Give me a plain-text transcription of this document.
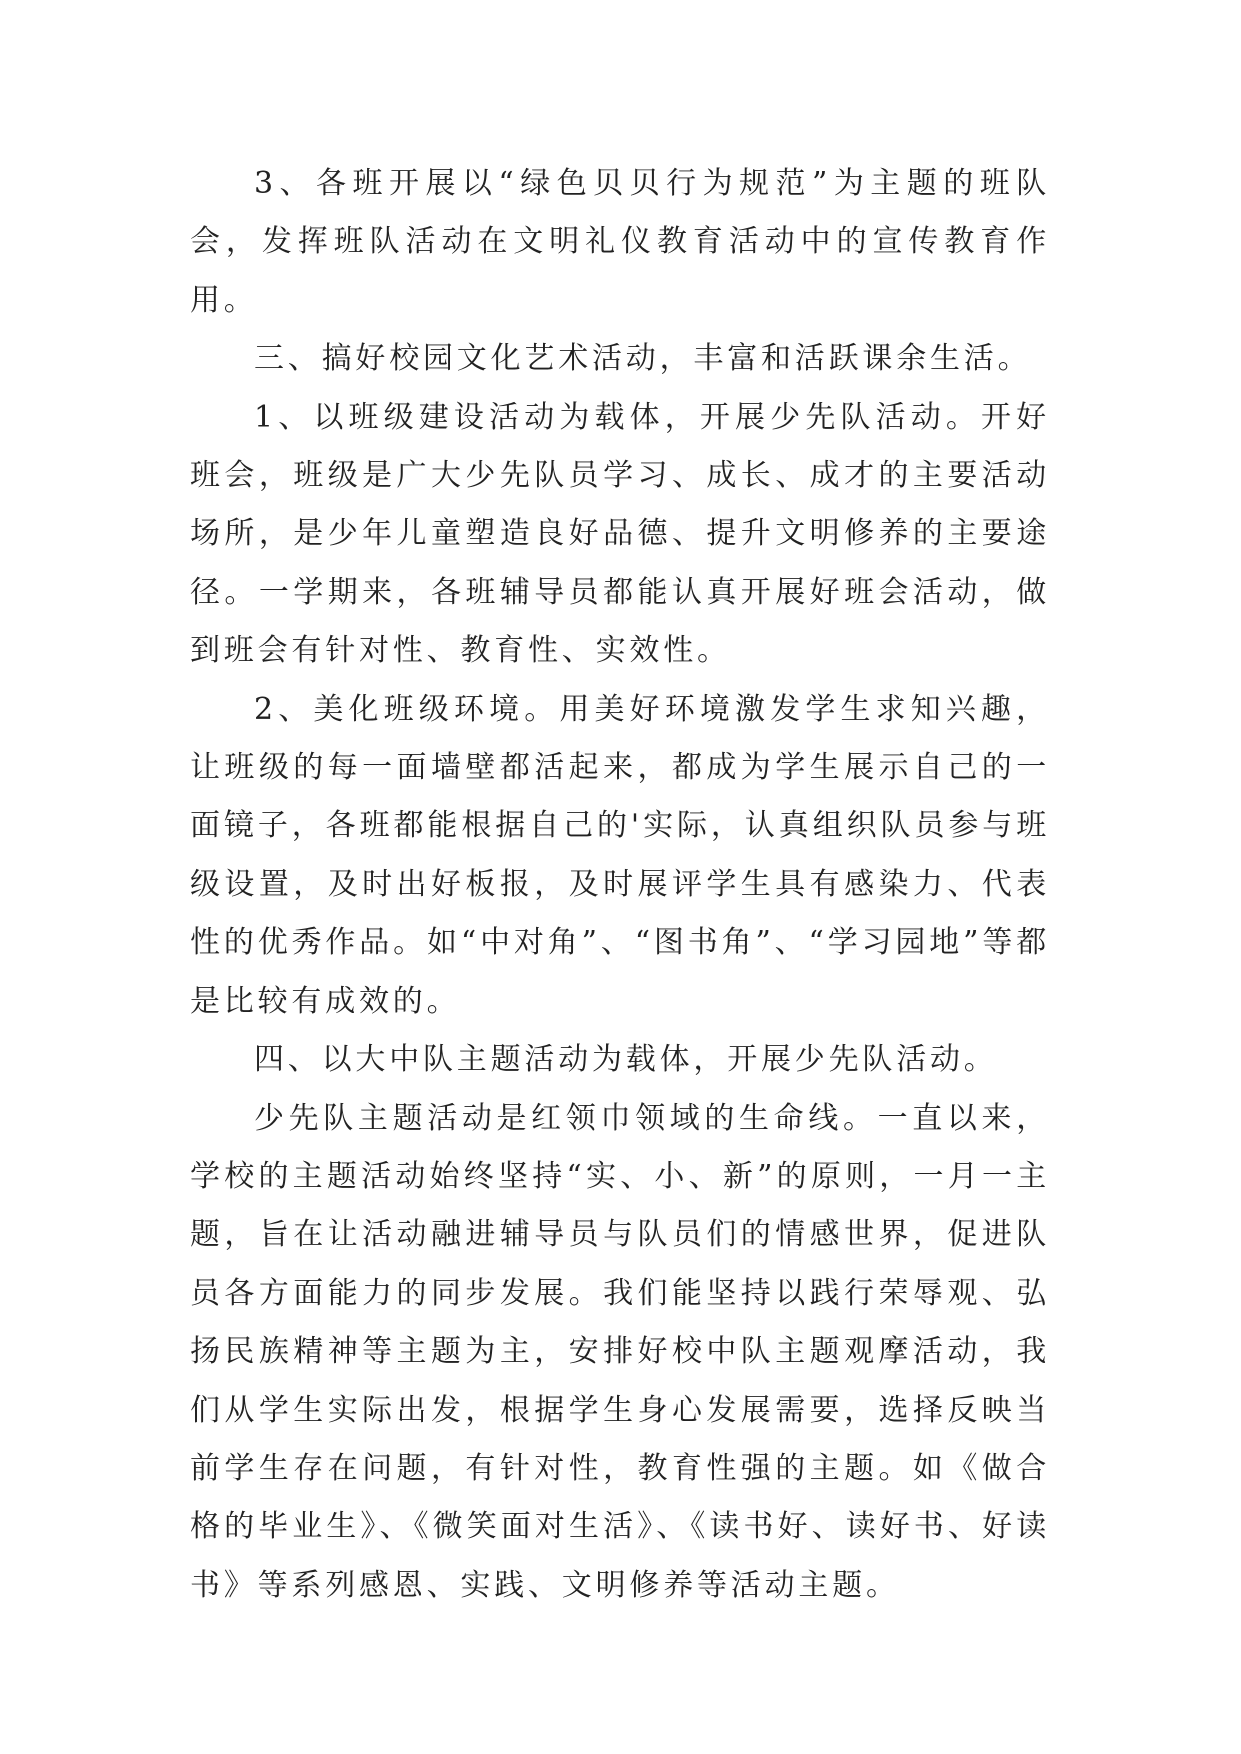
3、各班开展以“绿色贝贝行为规范”为主题的班队会，发挥班队活动在文明礼仪教育活动中的宣传教育作用。

三、搞好校园文化艺术活动，丰富和活跃课余生活。

1、以班级建设活动为载体，开展少先队活动。开好班会，班级是广大少先队员学习、成长、成才的主要活动场所，是少年儿童塑造良好品德、提升文明修养的主要途径。一学期来，各班辅导员都能认真开展好班会活动，做到班会有针对性、教育性、实效性。

2、美化班级环境。用美好环境激发学生求知兴趣，让班级的每一面墙壁都活起来，都成为学生展示自己的一面镜子，各班都能根据自己的'实际，认真组织队员参与班级设置，及时出好板报，及时展评学生具有感染力、代表性的优秀作品。如“中对角”、“图书角”、“学习园地”等都是比较有成效的。

四、以大中队主题活动为载体，开展少先队活动。

少先队主题活动是红领巾领域的生命线。一直以来，学校的主题活动始终坚持“实、小、新”的原则，一月一主题，旨在让活动融进辅导员与队员们的情感世界，促进队员各方面能力的同步发展。我们能坚持以践行荣辱观、弘扬民族精神等主题为主，安排好校中队主题观摩活动，我们从学生实际出发，根据学生身心发展需要，选择反映当前学生存在问题，有针对性，教育性强的主题。如《做合格的毕业生》、《微笑面对生活》、《读书好、读好书、好读书》等系列感恩、实践、文明修养等活动主题。
